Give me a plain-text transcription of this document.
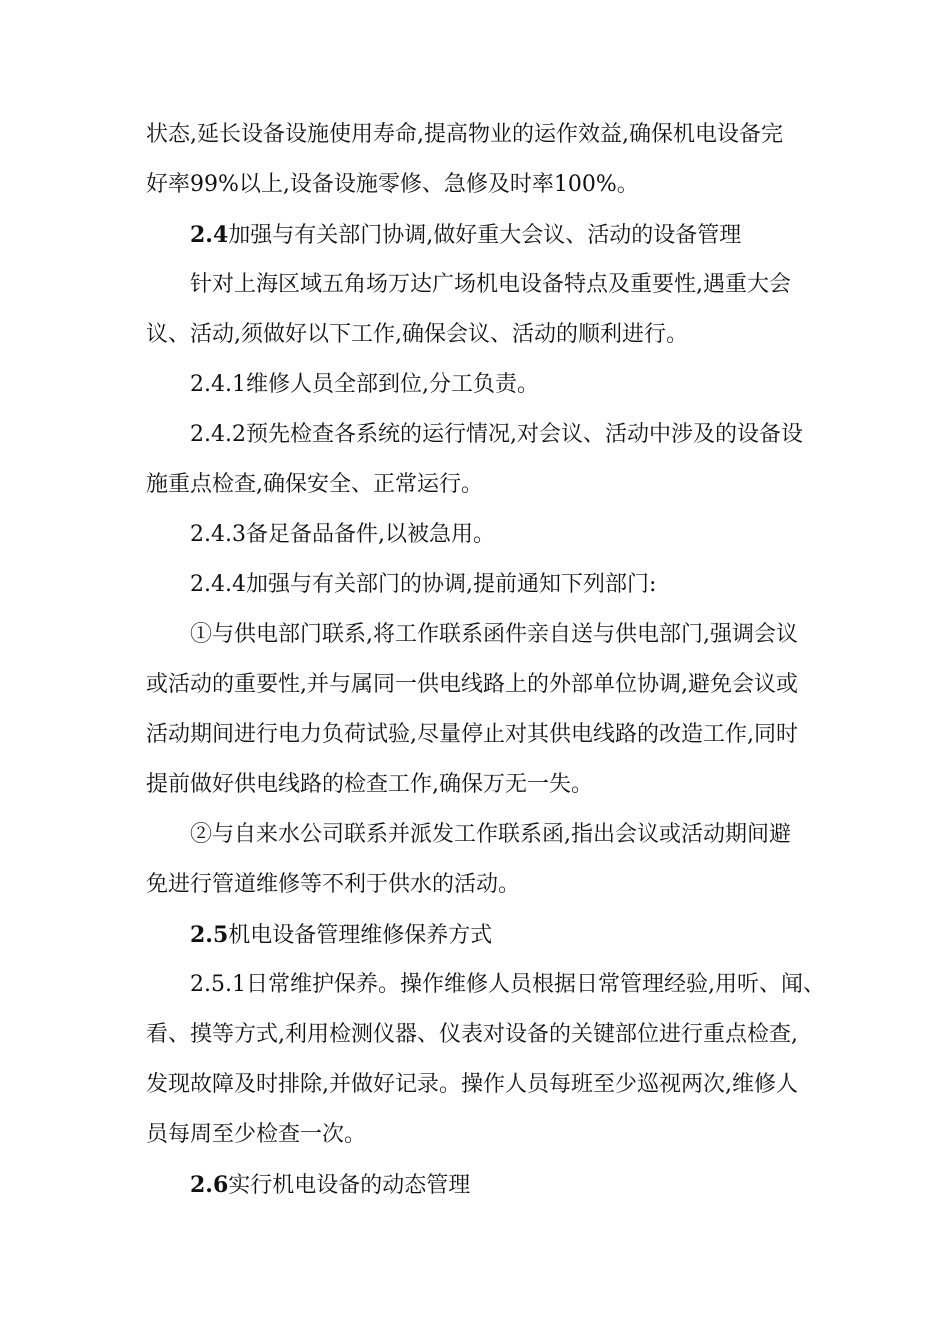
状态,延长设备设施使用寿命,提高物业的运作效益,确保机电设备完

好率99%以上,设备设施零修、急修及时率100%。

2.4加强与有关部门协调,做好重大会议、活动的设备管理

针对上海区域五角场万达广场机电设备特点及重要性,遇重大会

议、活动,须做好以下工作,确保会议、活动的顺利进行。

2.4.1维修人员全部到位,分工负责。

2.4.2预先检查各系统的运行情况,对会议、活动中涉及的设备设

施重点检查,确保安全、正常运行。

2.4.3备足备品备件,以被急用。

2.4.4加强与有关部门的协调,提前通知下列部门:

①与供电部门联系,将工作联系函件亲自送与供电部门,强调会议

或活动的重要性,并与属同一供电线路上的外部单位协调,避免会议或

活动期间进行电力负荷试验,尽量停止对其供电线路的改造工作,同时

提前做好供电线路的检查工作,确保万无一失。

②与自来水公司联系并派发工作联系函,指出会议或活动期间避

免进行管道维修等不利于供水的活动。

2.5机电设备管理维修保养方式

2.5.1日常维护保养。操作维修人员根据日常管理经验,用听、闻、

看、摸等方式,利用检测仪器、仪表对设备的关键部位进行重点检查,

发现故障及时排除,并做好记录。操作人员每班至少巡视两次,维修人

员每周至少检查一次。

2.6实行机电设备的动态管理
